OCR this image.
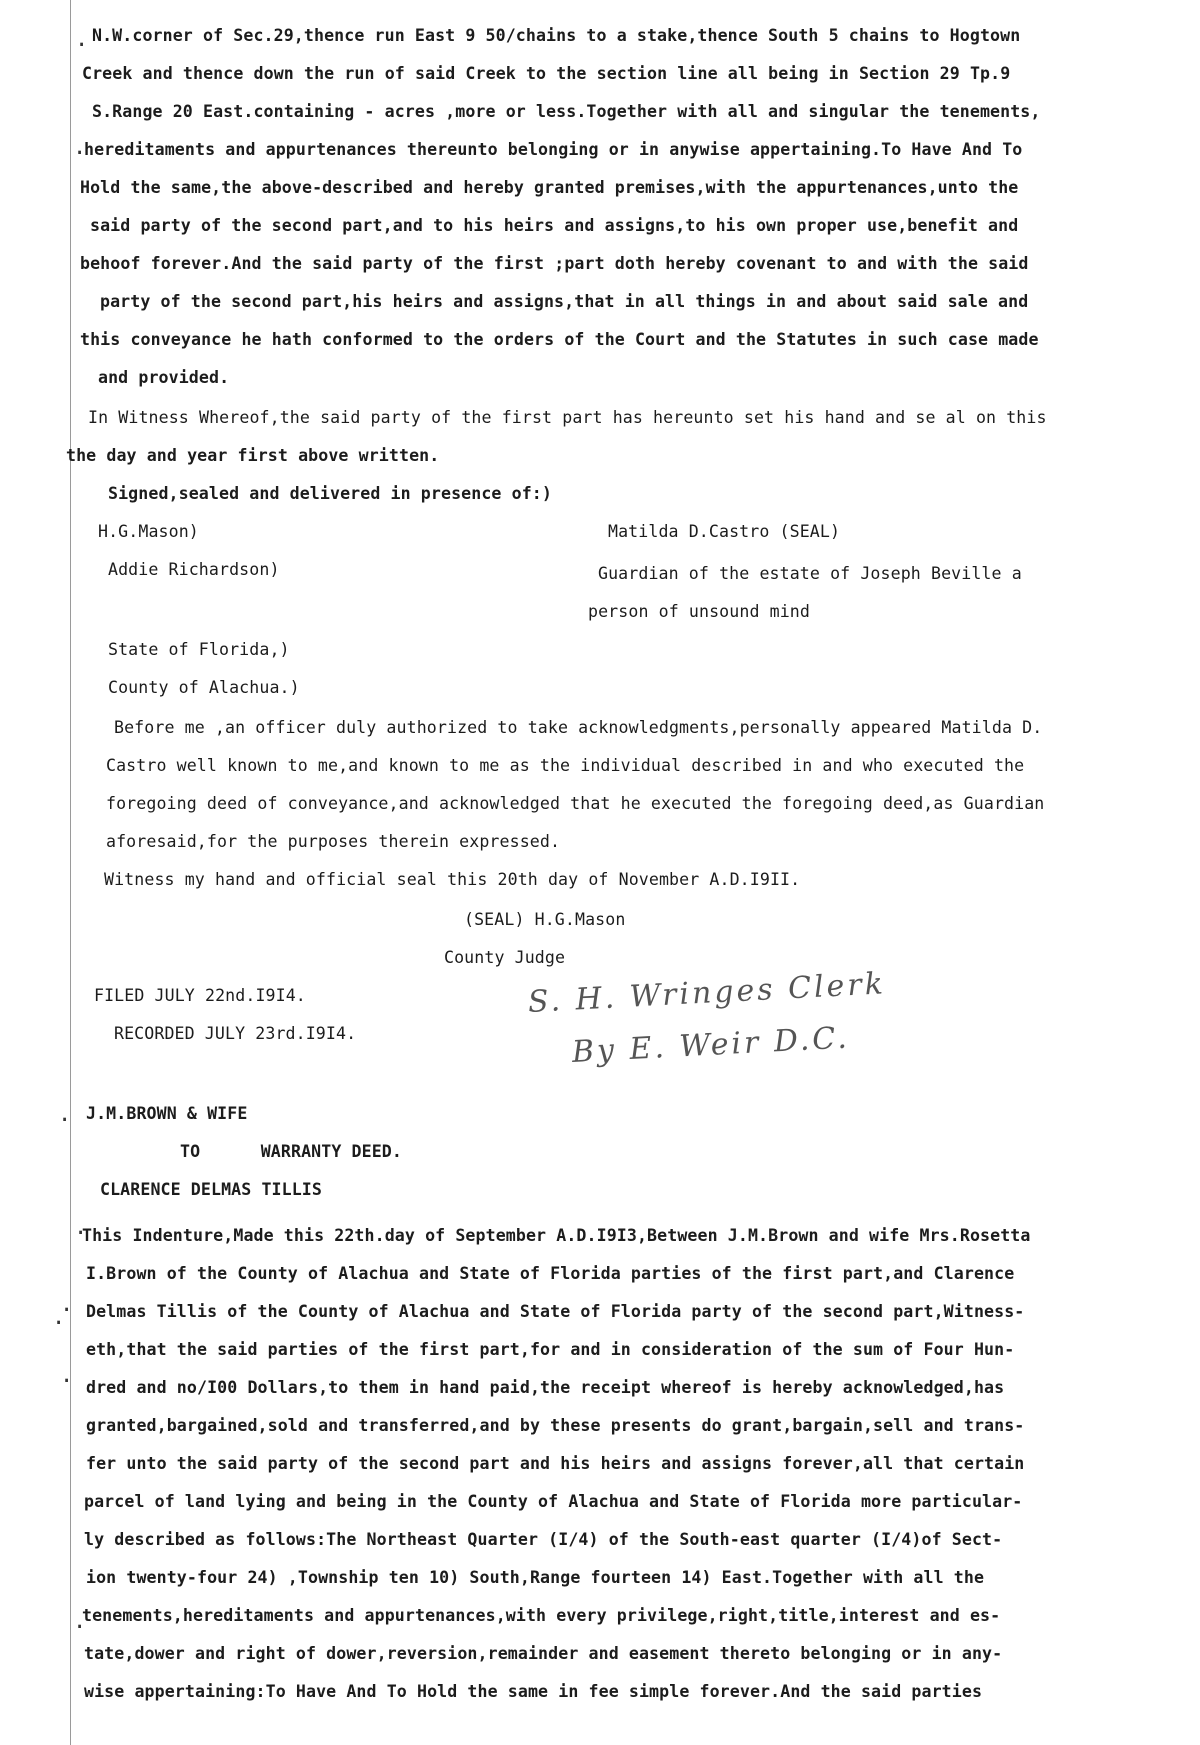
.
.
.
.
.
.
.
.
N.W.corner of Sec.29,thence run East 9 50/chains to a stake,thence South 5 chains to Hogtown
Creek and thence down the run of said Creek to the section line all being in Section 29 Tp.9
S.Range 20 East.containing - acres ,more or less.Together with all and singular the tenements,
hereditaments and appurtenances thereunto belonging or in anywise appertaining.To Have And To
Hold the same,the above-described and hereby granted premises,with the appurtenances,unto the
said party of the second part,and to his heirs and assigns,to his own proper use,benefit and
behoof forever.And the said party of the first ;part doth hereby covenant to and with the said
party of the second part,his heirs and assigns,that in all things in and about said sale and
this conveyance he hath conformed to the orders of the Court and the Statutes in such case made
and provided.
In Witness Whereof,the said party of the first part has hereunto set his hand and se al on this
the day and year first above written.
Signed,sealed and delivered in presence of:)
H.G.Mason)	Matilda D.Castro (SEAL)
Addie Richardson)	Guardian of the estate of Joseph Beville a
person of unsound mind
State of Florida,)
County of Alachua.)
Before me ,an officer duly authorized to take acknowledgments,personally appeared Matilda D.
Castro well known to me,and known to me as the individual described in and who executed the
foregoing deed of conveyance,and acknowledged that he executed the foregoing deed,as Guardian
aforesaid,for the purposes therein expressed.
Witness my hand and official seal this 20th day of November A.D.I9II.
(SEAL) H.G.Mason
County Judge
FILED JULY 22nd.I9I4.
RECORDED JULY 23rd.I9I4.
S. H. Wringes Clerk
By E. Weir D.C.
J.M.BROWN & WIFE
TO      WARRANTY DEED.
CLARENCE DELMAS TILLIS
This Indenture,Made this 22th.day of September A.D.I9I3,Between J.M.Brown and wife Mrs.Rosetta
I.Brown of the County of Alachua and State of Florida parties of the first part,and Clarence
Delmas Tillis of the County of Alachua and State of Florida party of the second part,Witness-
eth,that the said parties of the first part,for and in consideration of the sum of Four Hun-
dred and no/I00 Dollars,to them in hand paid,the receipt whereof is hereby acknowledged,has
granted,bargained,sold and transferred,and by these presents do grant,bargain,sell and trans-
fer unto the said party of the second part and his heirs and assigns forever,all that certain
parcel of land lying and being in the County of Alachua and State of Florida more particular-
ly described as follows:The Northeast Quarter (I/4) of the South-east quarter (I/4)of Sect-
ion twenty-four 24) ,Township ten 10) South,Range fourteen 14) East.Together with all the
tenements,hereditaments and appurtenances,with every privilege,right,title,interest and es-
tate,dower and right of dower,reversion,remainder and easement thereto belonging or in any-
wise appertaining:To Have And To Hold the same in fee simple forever.And the said parties
